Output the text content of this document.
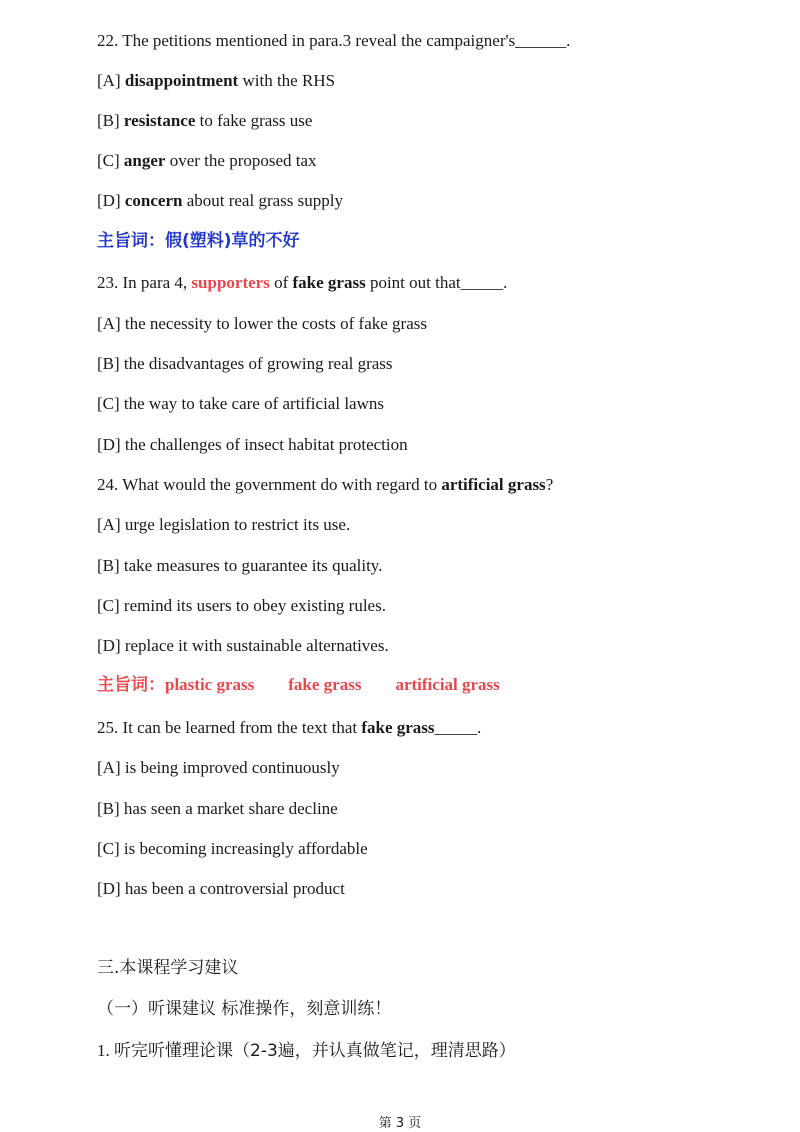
22. The petitions mentioned in para.3 reveal the campaigner's______.
[A] disappointment with the RHS
[B] resistance to fake grass use
[C] anger over the proposed tax
[D] concern about real grass supply
主旨词：假(塑料)草的不好
23. In para 4, supporters of fake grass point out that_____.
[A] the necessity to lower the costs of fake grass
[B] the disadvantages of growing real grass
[C] the way to take care of artificial lawns
[D] the challenges of insect habitat protection
24. What would the government do with regard to artificial grass?
[A] urge legislation to restrict its use.
[B] take measures to guarantee its quality.
[C] remind its users to obey existing rules.
[D] replace it with sustainable alternatives.
主旨词：plastic grass fake grass artificial grass
25. It can be learned from the text that fake grass_____.
[A] is being improved continuously
[B] has seen a market share decline
[C] is becoming increasingly affordable
[D] has been a controversial product
三.本课程学习建议
（一）听课建议 标准操作，刻意训练！
1. 听完听懂理论课（2-3遍，并认真做笔记，理清思路）
第 3 页
